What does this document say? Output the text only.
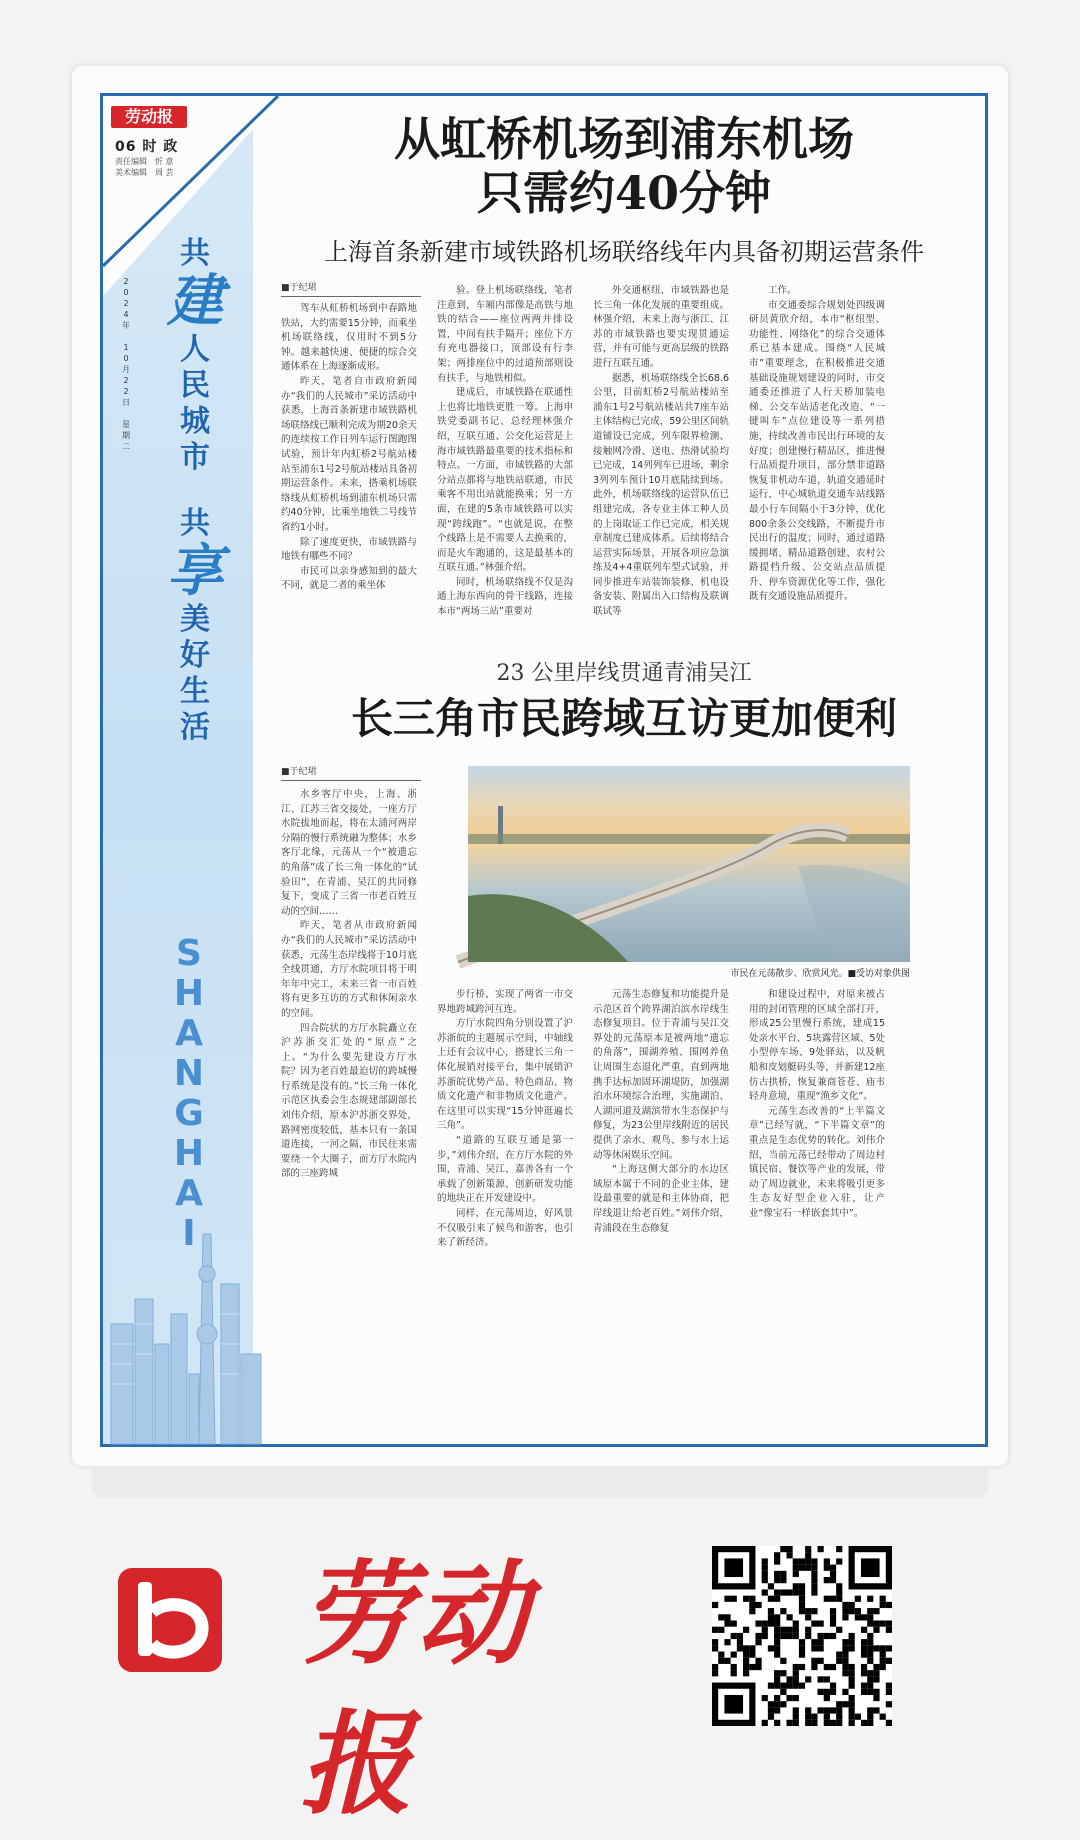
劳动报
06 时 政
责任编辑　忻 意
美术编辑　周 芸
2
0
2
4
年

1
0
月
2
2
日

星
期
二
共
建
人
民
城
市
共
享
美
好
生
活
S
H
A
N
G
H
A
I
从虹桥机场到浦东机场
只需约40分钟
上海首条新建市域铁路机场联络线年内具备初期运营条件
■于纪珺

驾车从虹桥机场到中春路地铁站，大约需要15分钟，而乘坐机场联络线，仅用时不到5分钟。越来越快速、便捷的综合交通体系在上海逐渐成形。

昨天，笔者自市政府新闻办“我们的人民城市”采访活动中获悉，上海首条新建市域铁路机场联络线已顺利完成为期20余天的连续按工作日列车运行图跑图试验，预计年内虹桥2号航站楼站至浦东1号2号航站楼站具备初期运营条件。未来，搭乘机场联络线从虹桥机场到浦东机场只需约40分钟，比乘坐地铁二号线节省约1小时。

除了速度更快，市域铁路与地铁有哪些不同？

市民可以亲身感知到的最大不同，就是二者的乘坐体

验。登上机场联络线，笔者注意到，车厢内部像是高铁与地铁的结合——座位两两并排设置，中间有扶手隔开；座位下方有充电器接口，顶部设有行李架；两排座位中的过道预部则设有扶手，与地铁相似。

建成后，市域铁路在联通性上也将比地铁更胜一筹。上海申铁党委副书记、总经理林强介绍，互联互通、公交化运营是上海市域铁路最重要的技术指标和特点。一方面，市域铁路的大部分站点都将与地铁站联通，市民乘客不用出站就能换乘；另一方面，在建的5条市域铁路可以实现“跨线跑”。“也就是说，在整个线路上是不需要人去换乘的，而是火车跑通的，这是最基本的互联互通。”林强介绍。

同时，机场联络线不仅是沟通上海东西向的骨干线路，连接本市“两场三站”重要对

外交通枢纽，市域铁路也是长三角一体化发展的重要组成。林强介绍，未来上海与浙江、江苏的市域铁路也要实现贯通运营，并有可能与更高层级的铁路进行互联互通。

据悉，机场联络线全长68.6公里，目前虹桥2号航站楼站至浦东1号2号航站楼站共7座车站主体结构已完成，59公里区间轨道铺设已完成，列车限界检测、接触网冷滑、送电、热滑试验均已完成，14列列车已进场，剩余3列列车预计10月底陆续到场。此外，机场联络线的运营队伍已组建完成，各专业主体工种人员的上岗取证工作已完成，相关规章制度已建成体系。后续将结合运营实际场景，开展各项应急演练及4+4重联列车型式试验，并同步推进车站装饰装修、机电设备安装、附属出入口结构及联调联试等

工作。

市交通委综合规划处四级调研员黄欣介绍，本市“枢纽型、功能性、网络化”的综合交通体系已基本建成。围绕“人民城市”重要理念，在积极推进交通基础设施规划建设的同时，市交通委还推进了人行天桥加装电梯、公交车站适老化改造、“一键叫车”点位建设等一系列措施，持续改善市民出行环境的友好度；创建慢行精品区，推进慢行品质提升项目，部分禁非道路恢复非机动车道，轨道交通延时运行，中心城轨道交通车站线路最小行车间隔小于3分钟，优化800余条公交线路，不断提升市民出行的温度；同时，通过道路缓拥堵、精品道路创建、农村公路提档升级、公交站点品质提升、停车资源优化等工作，强化既有交通设施品质提升。

23 公里岸线贯通青浦吴江
长三角市民跨域互访更加便利
■于纪珺

水乡客厅中央，上海、浙江、江苏三省交接处，一座方厅水院拔地而起，将在太浦河两岸分隔的慢行系统融为整体；水乡客厅北缘，元荡从一个“被遗忘的角落”成了长三角一体化的“试验田”，在青浦、吴江的共同修复下，变成了三省一市老百姓互动的空间……

昨天，笔者从市政府新闻办“我们的人民城市”采访活动中获悉，元荡生态岸线将于10月底全线贯通，方厅水院项目将于明年年中完工，未来三省一市百姓将有更多互访的方式和休闲亲水的空间。

四合院状的方厅水院矗立在沪苏浙交汇处的“原点”之上。“为什么要先建设方厅水院？因为老百姓最迫切的跨城慢行系统是没有的。”长三角一体化示范区执委会生态规建部副部长刘伟介绍，原本沪苏浙交界处，路网密度较低，基本只有一条国道连接，一河之隔，市民往来需要绕一个大圈子，而方厅水院内部的三座跨城

市民在元荡散步、欣赏风光。■受访对象供图

步行桥，实现了两省一市交界地跨城跨河互连。

方厅水院四角分别设置了沪苏浙皖的主题展示空间，中轴线上还有会议中心，搭建长三角一体化展销对接平台，集中展销沪苏浙皖优势产品、特色商品、物质文化遗产和非物质文化遗产。在这里可以实现“15分钟逛遍长三角”。

“道路的互联互通是第一步，”刘伟介绍，在方厅水院的外围，青浦、吴江、嘉善各有一个承载了创新策源、创新研发功能的地块正在开发建设中。

同样，在元荡周边，好风景不仅吸引来了候鸟和游客，也引来了新经济。

元荡生态修复和功能提升是示范区首个跨界湖泊滨水岸线生态修复项目。位于青浦与吴江交界处的元荡原本是被两地“遗忘的角落”，围湖养殖、围网养鱼让周围生态退化严重，直到两地携手达标加固环湖堤防，加强湖泊水环境综合治理，实施湖泊、人湖河道及湖滨带水生态保护与修复，为23公里岸线附近的居民提供了亲水、观鸟、参与水上运动等休闲娱乐空间。

“上海这侧大部分的水边区域原本属于不同的企业主体，建设最重要的就是和主体协商，把岸线退让给老百姓。”刘伟介绍，青浦段在生态修复

和建设过程中，对原来被占用的封闭管理的区域全部打开，形成25公里慢行系统，建成15处亲水平台、5块露营区域、5处小型停车场、9处驿站，以及帆船和皮划艇码头等，并新建12座仿古拱桥，恢复兼商苍苍、庙韦轻舟意境，重现“渔乡文化”。

元荡生态改善的“上半篇文章”已经写就，“下半篇文章”的重点是生态优势的转化。刘伟介绍，当前元荡已经带动了周边村镇民宿、餐饮等产业的发展，带动了周边就业，未来将吸引更多生态友好型企业入驻，让产业“像宝石一样嵌套其中”。

劳动报
